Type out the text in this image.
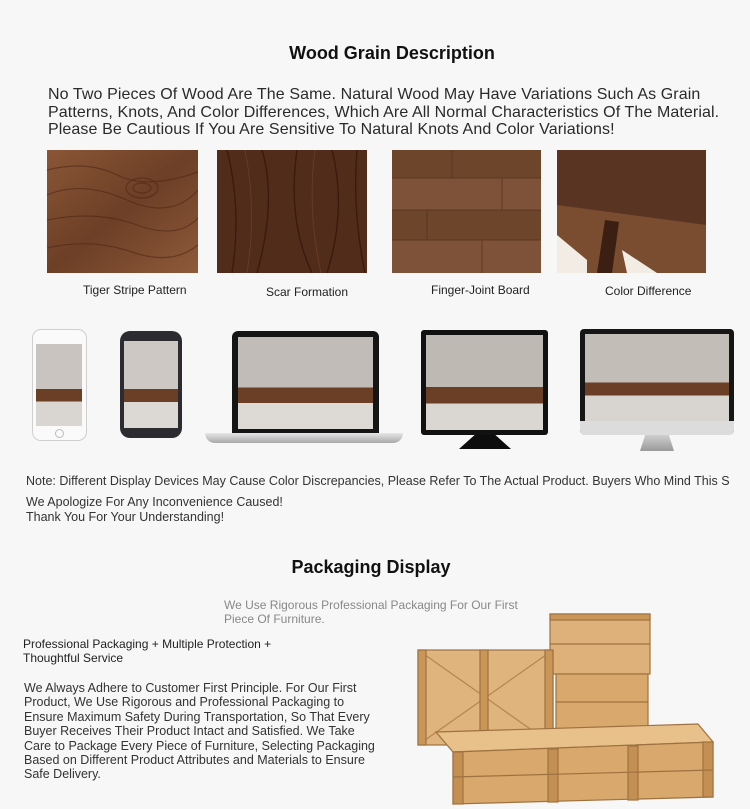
Wood Grain Description
No Two Pieces Of Wood Are The Same. Natural Wood May Have Variations Such As Grain Patterns, Knots, And Color Differences, Which Are All Normal Characteristics Of The Material. Please Be Cautious If You Are Sensitive To Natural Knots And Color Variations!
Tiger Stripe Pattern	Scar Formation	Finger-Joint Board	Color Difference
Note: Different Display Devices May Cause Color Discrepancies, Please Refer To The Actual Product. Buyers Who Mind This S
We Apologize For Any Inconvenience Caused!
Thank You For Your Understanding!
Packaging Display
We Use Rigorous Professional Packaging For Our First Piece Of Furniture.
Professional Packaging + Multiple Protection + Thoughtful Service
We Always Adhere to Customer First Principle. For Our First Product, We Use Rigorous and Professional Packaging to Ensure Maximum Safety During Transportation, So That Every Buyer Receives Their Product Intact and Satisfied. We Take Care to Package Every Piece of Furniture, Selecting Packaging Based on Different Product Attributes and Materials to Ensure Safe Delivery.
